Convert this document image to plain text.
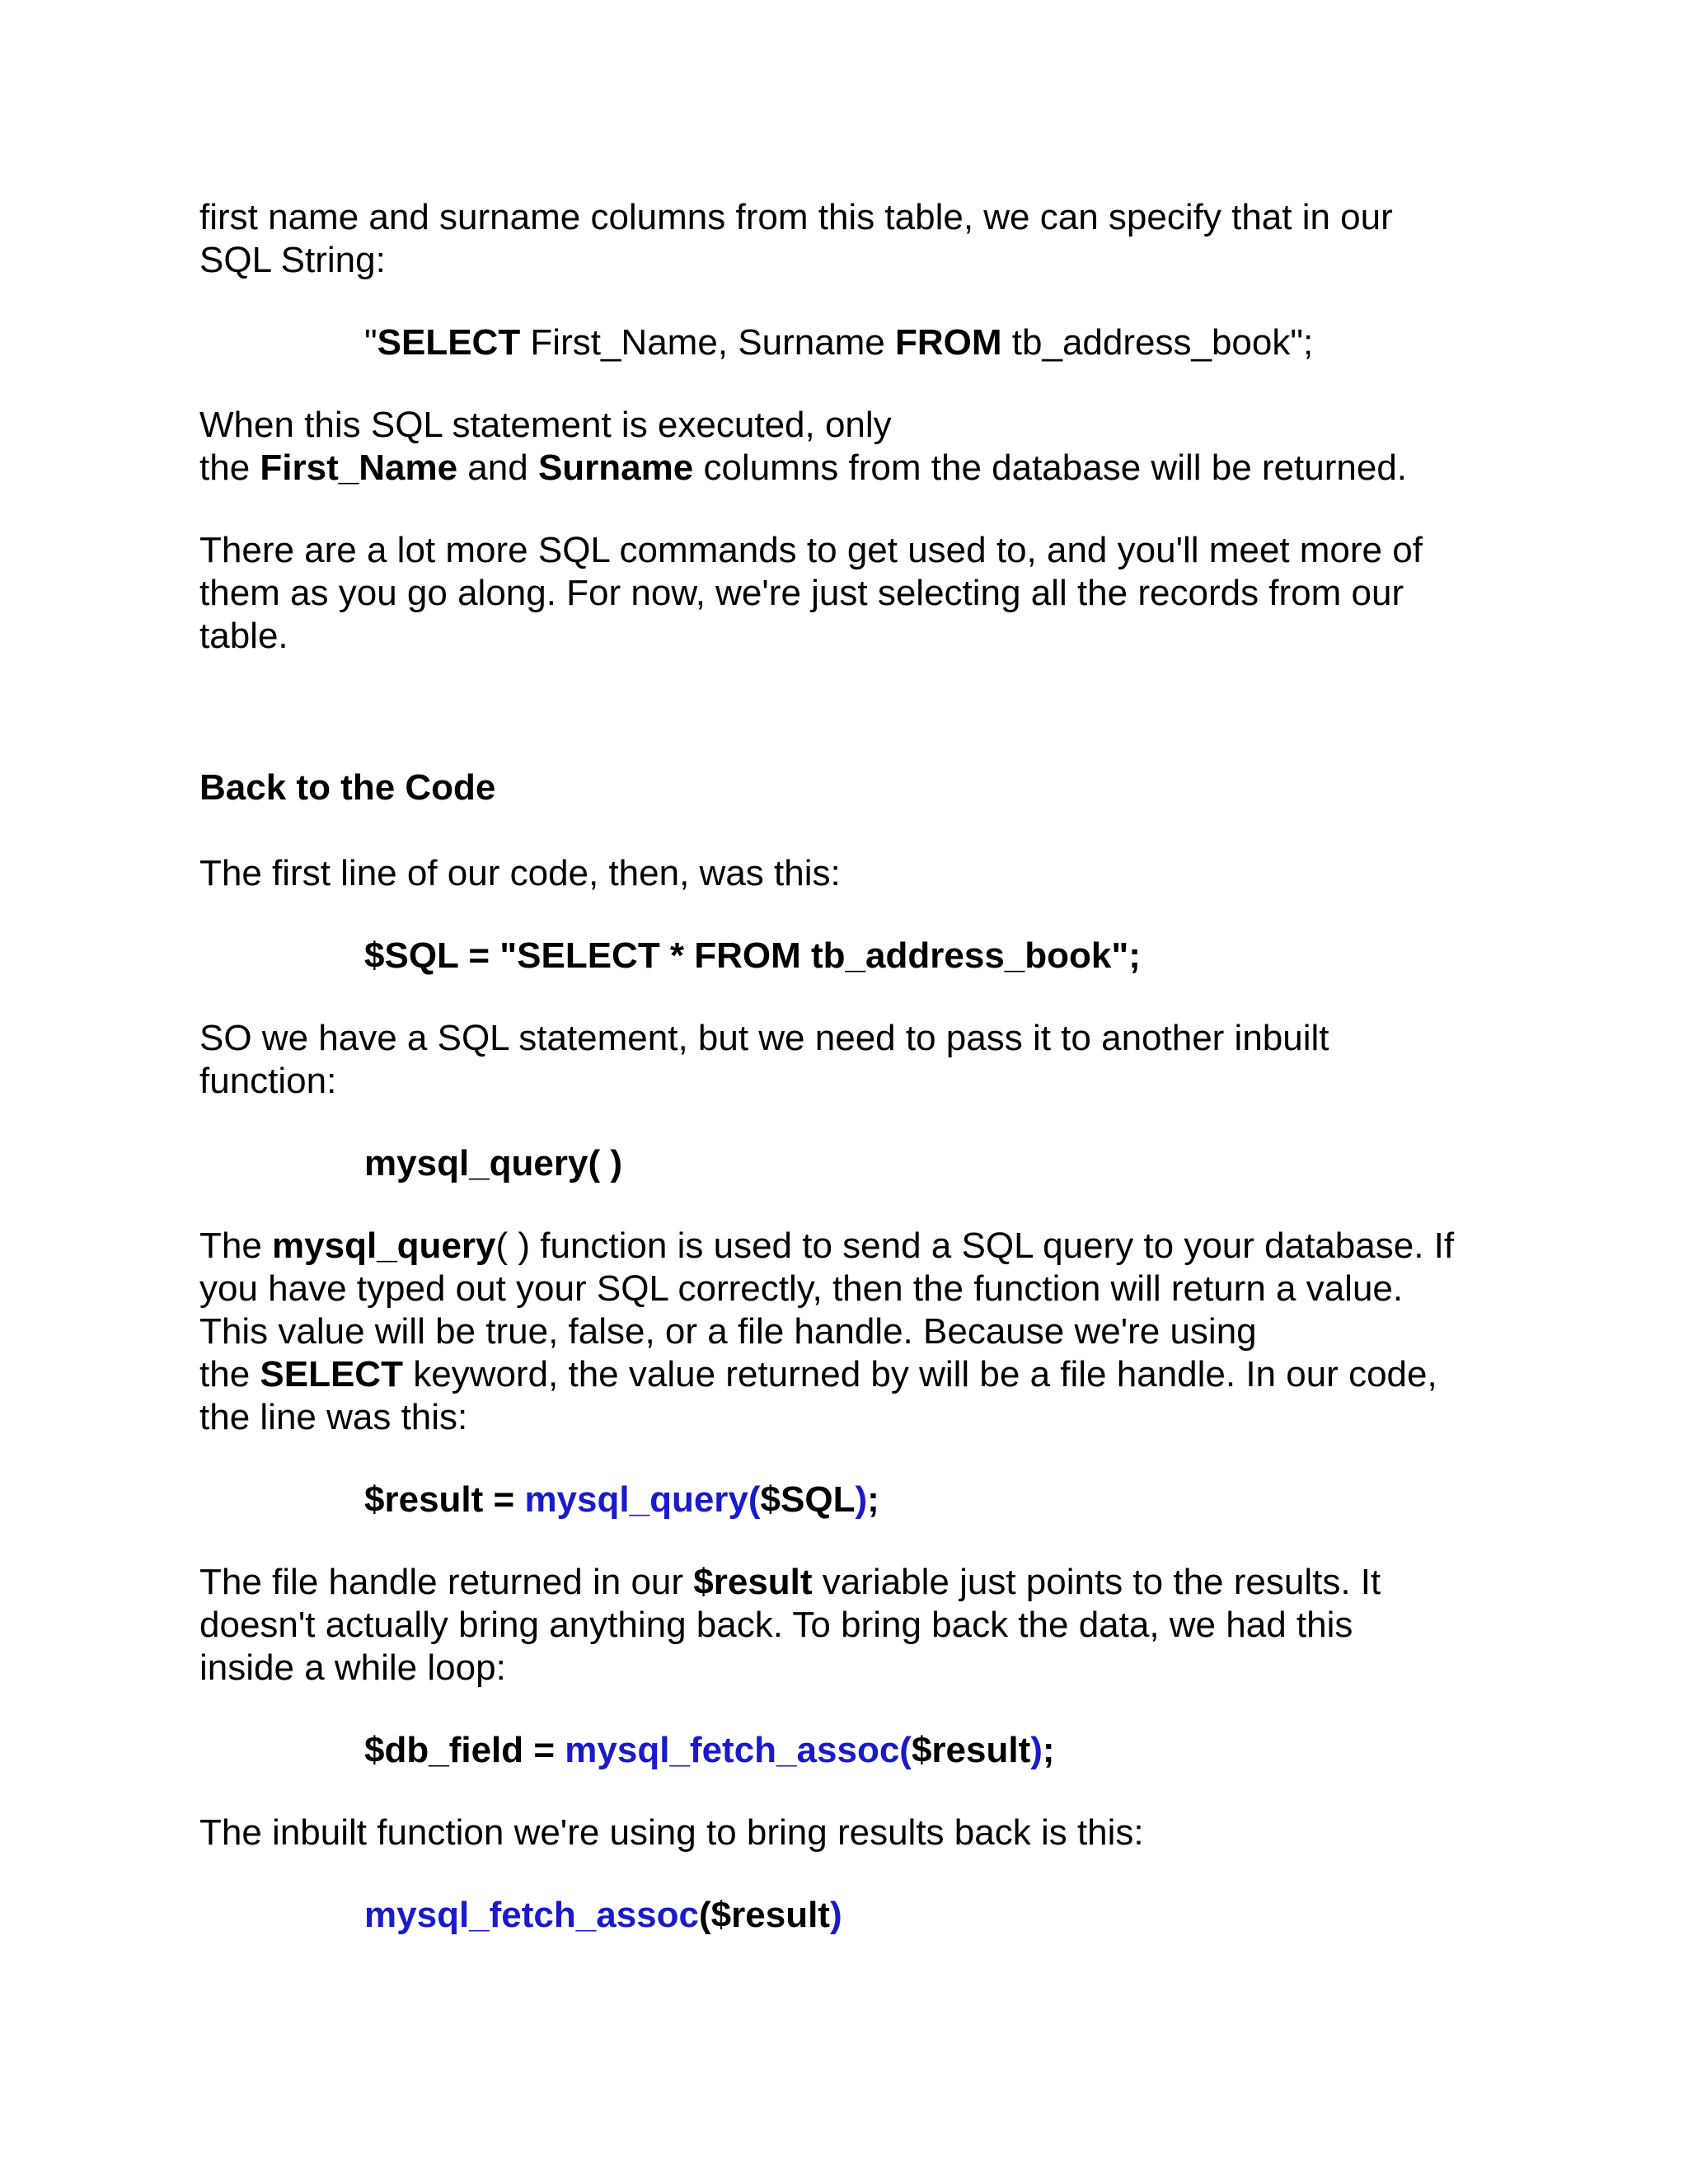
first name and surname columns from this table, we can specify that in our

SQL String:

"SELECT First_Name, Surname FROM tb_address_book";

When this SQL statement is executed, only

the First_Name and Surname columns from the database will be returned.

There are a lot more SQL commands to get used to, and you'll meet more of

them as you go along. For now, we're just selecting all the records from our

table.

Back to the Code

The first line of our code, then, was this:

$SQL = "SELECT * FROM tb_address_book";

SO we have a SQL statement, but we need to pass it to another inbuilt

function:

mysql_query( )

The mysql_query( ) function is used to send a SQL query to your database. If

you have typed out your SQL correctly, then the function will return a value.

This value will be true, false, or a file handle. Because we're using

the SELECT keyword, the value returned by will be a file handle. In our code,

the line was this:

$result = mysql_query($SQL);

The file handle returned in our $result variable just points to the results. It

doesn't actually bring anything back. To bring back the data, we had this

inside a while loop:

$db_field = mysql_fetch_assoc($result);

The inbuilt function we're using to bring results back is this:

mysql_fetch_assoc($result)
